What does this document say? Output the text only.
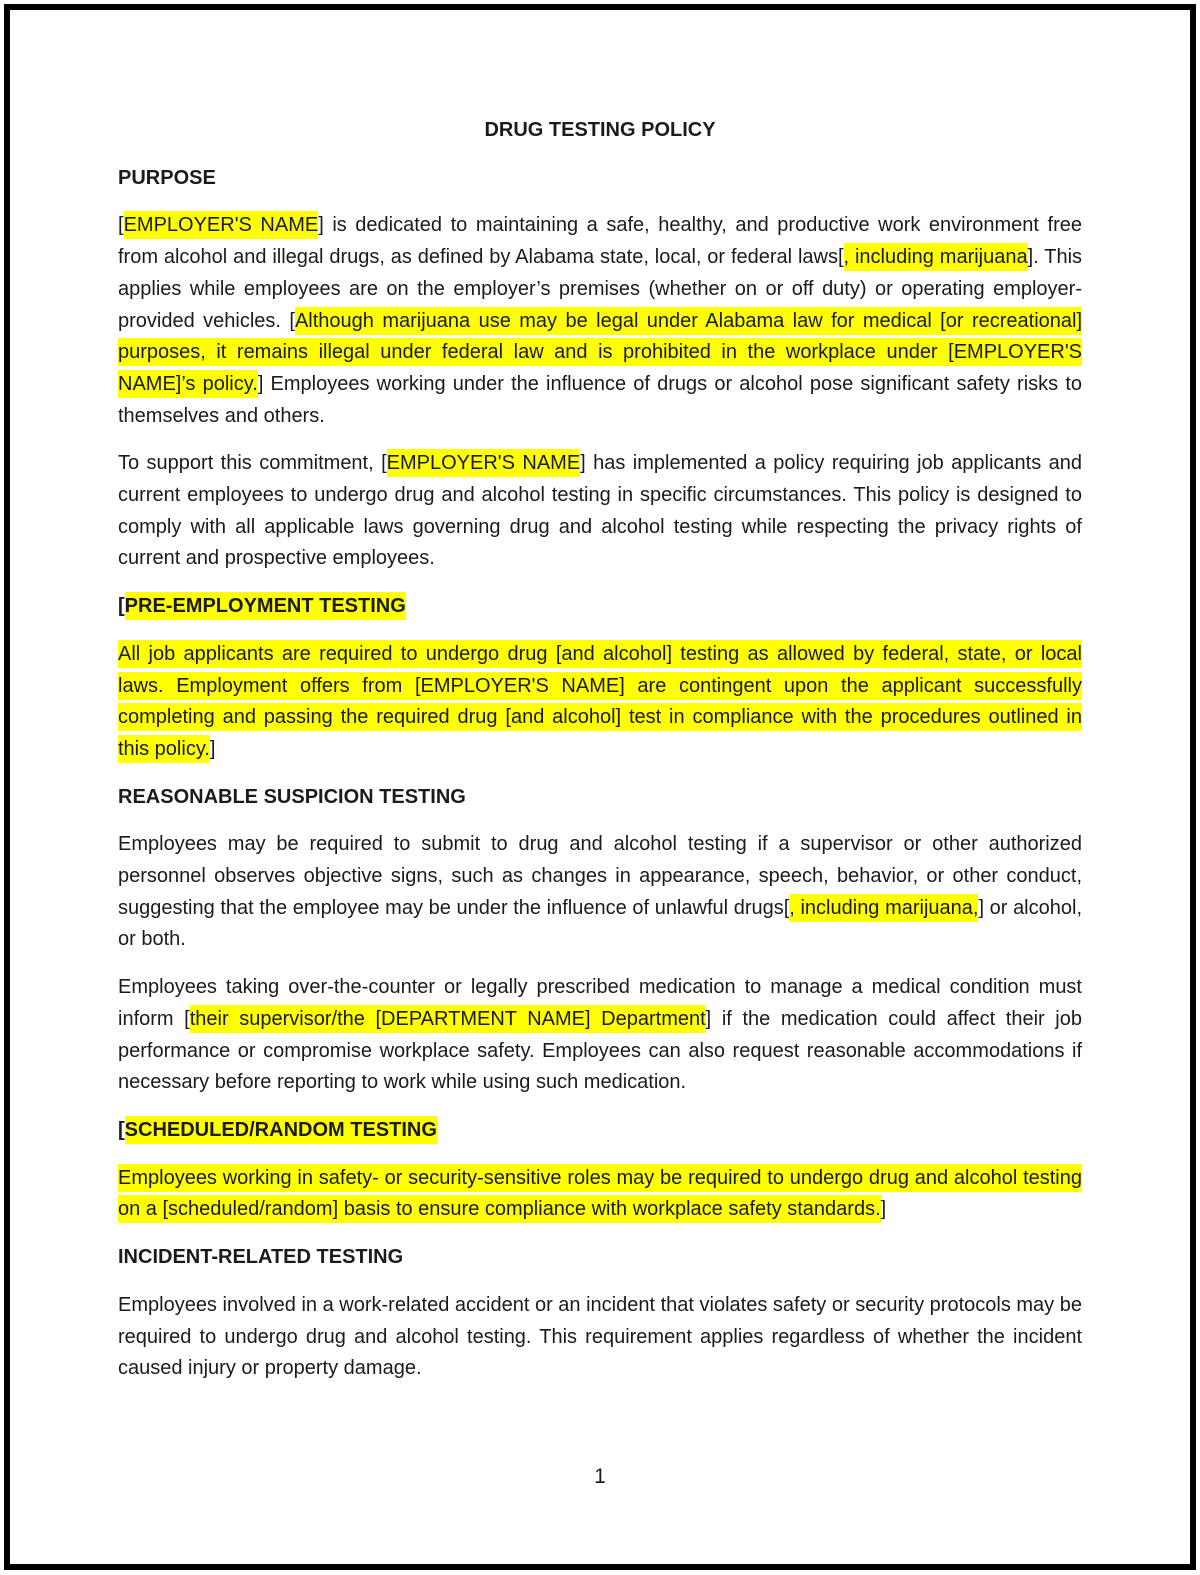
DRUG TESTING POLICY

PURPOSE

[EMPLOYER'S NAME] is dedicated to maintaining a safe, healthy, and productive work environment free from alcohol and illegal drugs, as defined by Alabama state, local, or federal laws[, including marijuana]. This applies while employees are on the employer’s premises (whether on or off duty) or operating employer-provided vehicles. [Although marijuana use may be legal under Alabama law for medical [or recreational] purposes, it remains illegal under federal law and is prohibited in the workplace under [EMPLOYER'S NAME]’s policy.] Employees working under the influence of drugs or alcohol pose significant safety risks to themselves and others.

To support this commitment, [EMPLOYER'S NAME] has implemented a policy requiring job applicants and current employees to undergo drug and alcohol testing in specific circumstances. This policy is designed to comply with all applicable laws governing drug and alcohol testing while respecting the privacy rights of current and prospective employees.

[PRE-EMPLOYMENT TESTING

All job applicants are required to undergo drug [and alcohol] testing as allowed by federal, state, or local laws. Employment offers from [EMPLOYER'S NAME] are contingent upon the applicant successfully completing and passing the required drug [and alcohol] test in compliance with the procedures outlined in this policy.]

REASONABLE SUSPICION TESTING

Employees may be required to submit to drug and alcohol testing if a supervisor or other authorized personnel observes objective signs, such as changes in appearance, speech, behavior, or other conduct, suggesting that the employee may be under the influence of unlawful drugs[, including marijuana,] or alcohol, or both.

Employees taking over-the-counter or legally prescribed medication to manage a medical condition must inform [their supervisor/the [DEPARTMENT NAME] Department] if the medication could affect their job performance or compromise workplace safety. Employees can also request reasonable accommodations if necessary before reporting to work while using such medication.

[SCHEDULED/RANDOM TESTING

Employees working in safety- or security-sensitive roles may be required to undergo drug and alcohol testing on a [scheduled/random] basis to ensure compliance with workplace safety standards.]

INCIDENT-RELATED TESTING

Employees involved in a work-related accident or an incident that violates safety or security protocols may be required to undergo drug and alcohol testing. This requirement applies regardless of whether the incident caused injury or property damage.

1
